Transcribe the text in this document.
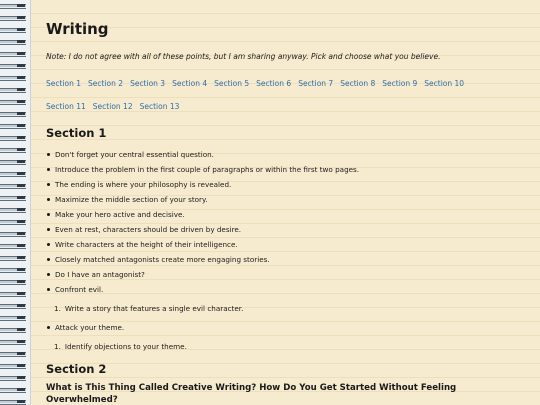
Writing
Note: I do not agree with all of these points, but I am sharing anyway. Pick and choose what you believe.
Section 1 Section 2 Section 3 Section 4 Section 5 Section 6 Section 7 Section 8 Section 9 Section 10
Section 11 Section 12 Section 13
Section 1
Don't forget your central essential question.
Introduce the problem in the first couple of paragraphs or within the first two pages.
The ending is where your philosophy is revealed.
Maximize the middle section of your story.
Make your hero active and decisive.
Even at rest, characters should be driven by desire.
Write characters at the height of their intelligence.
Closely matched antagonists create more engaging stories.
Do I have an antagonist?
Confront evil.
1. Write a story that features a single evil character.
Attack your theme.
1. Identify objections to your theme.
Section 2
What is This Thing Called Creative Writing? How Do You Get Started Without Feeling Overwhelmed?
